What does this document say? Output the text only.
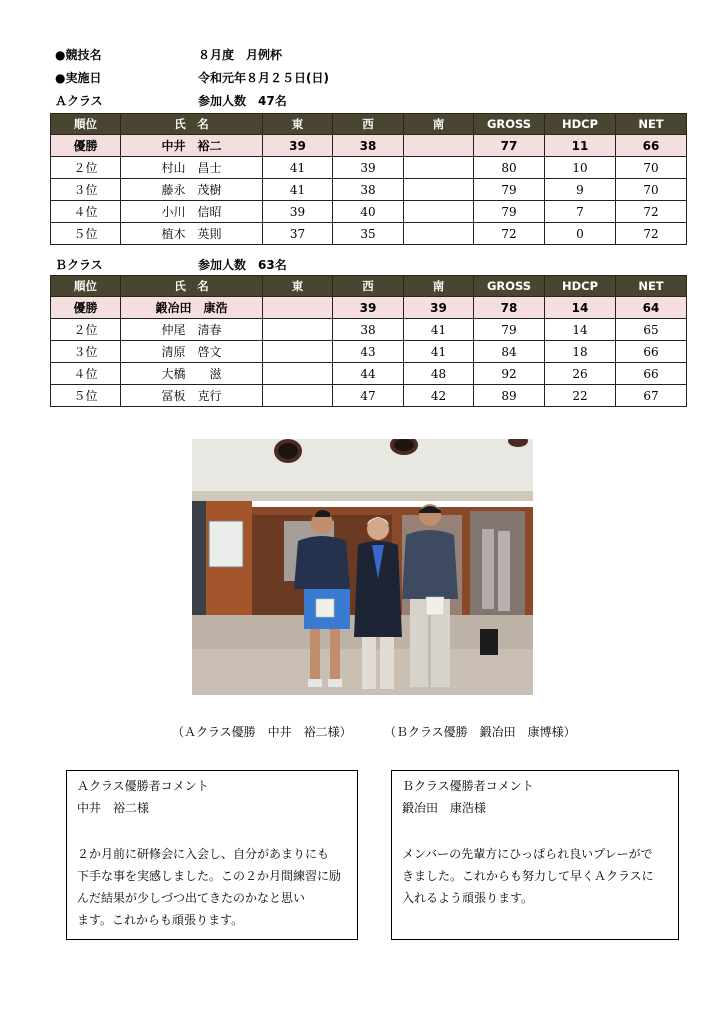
●競技名	８月度　月例杯
●実施日	令和元年８月２５日(日)
Ａクラス	参加人数　47名
順位	氏　名	東	西	南	GROSS	HDCP	NET
優勝	中井　裕二	39	38		77	11	66
２位	村山　昌士	41	39		80	10	70
３位	藤永　茂樹	41	38		79	9	70
４位	小川　信昭	39	40		79	7	72
５位	植木　英則	37	35		72	0	72
Ｂクラス	参加人数　63名
順位	氏　名	東	西	南	GROSS	HDCP	NET
優勝	鍛冶田　康浩		39	39	78	14	64
２位	仲尾　清春		38	41	79	14	65
３位	清原　啓文		43	41	84	18	66
４位	大橋　　滋		44	48	92	26	66
５位	冨板　克行		47	42	89	22	67
（Ａクラス優勝　中井　裕二様）	（Ｂクラス優勝　鍛冶田　康博様）
Ａクラス優勝者コメント
中井　裕二様
２か月前に研修会に入会し、自分があまりにも
下手な事を実感しました。この２か月間練習に励
んだ結果が少しづつ出てきたのかなと思い
ます。これからも頑張ります。
Ｂクラス優勝者コメント
鍛冶田　康浩様
メンバーの先輩方にひっぱられ良いプレーがで
きました。これからも努力して早くＡクラスに
入れるよう頑張ります。
